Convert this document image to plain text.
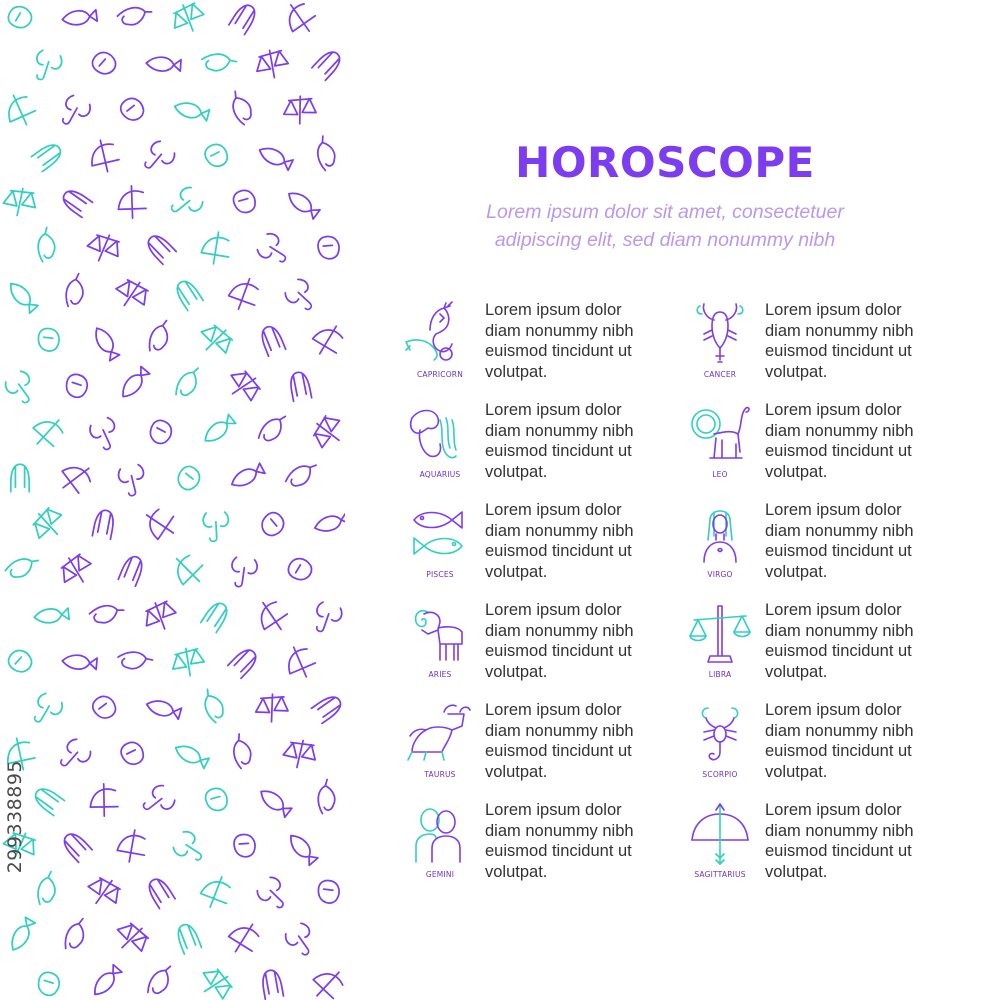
299338895
HOROSCOPE
Lorem ipsum dolor sit amet, consectetuer
adipiscing elit, sed diam nonummy nibh
CAPRICORN
Lorem ipsum dolor
diam nonummy nibh
euismod tincidunt ut
volutpat.	CANCER
Lorem ipsum dolor
diam nonummy nibh
euismod tincidunt ut
volutpat.
AQUARIUS
Lorem ipsum dolor
diam nonummy nibh
euismod tincidunt ut
volutpat.	LEO
Lorem ipsum dolor
diam nonummy nibh
euismod tincidunt ut
volutpat.
PISCES
Lorem ipsum dolor
diam nonummy nibh
euismod tincidunt ut
volutpat.	VIRGO
Lorem ipsum dolor
diam nonummy nibh
euismod tincidunt ut
volutpat.
ARIES
Lorem ipsum dolor
diam nonummy nibh
euismod tincidunt ut
volutpat.	LIBRA
Lorem ipsum dolor
diam nonummy nibh
euismod tincidunt ut
volutpat.
TAURUS
Lorem ipsum dolor
diam nonummy nibh
euismod tincidunt ut
volutpat.	SCORPIO
Lorem ipsum dolor
diam nonummy nibh
euismod tincidunt ut
volutpat.
GEMINI
Lorem ipsum dolor
diam nonummy nibh
euismod tincidunt ut
volutpat.	SAGITTARIUS
Lorem ipsum dolor
diam nonummy nibh
euismod tincidunt ut
volutpat.
